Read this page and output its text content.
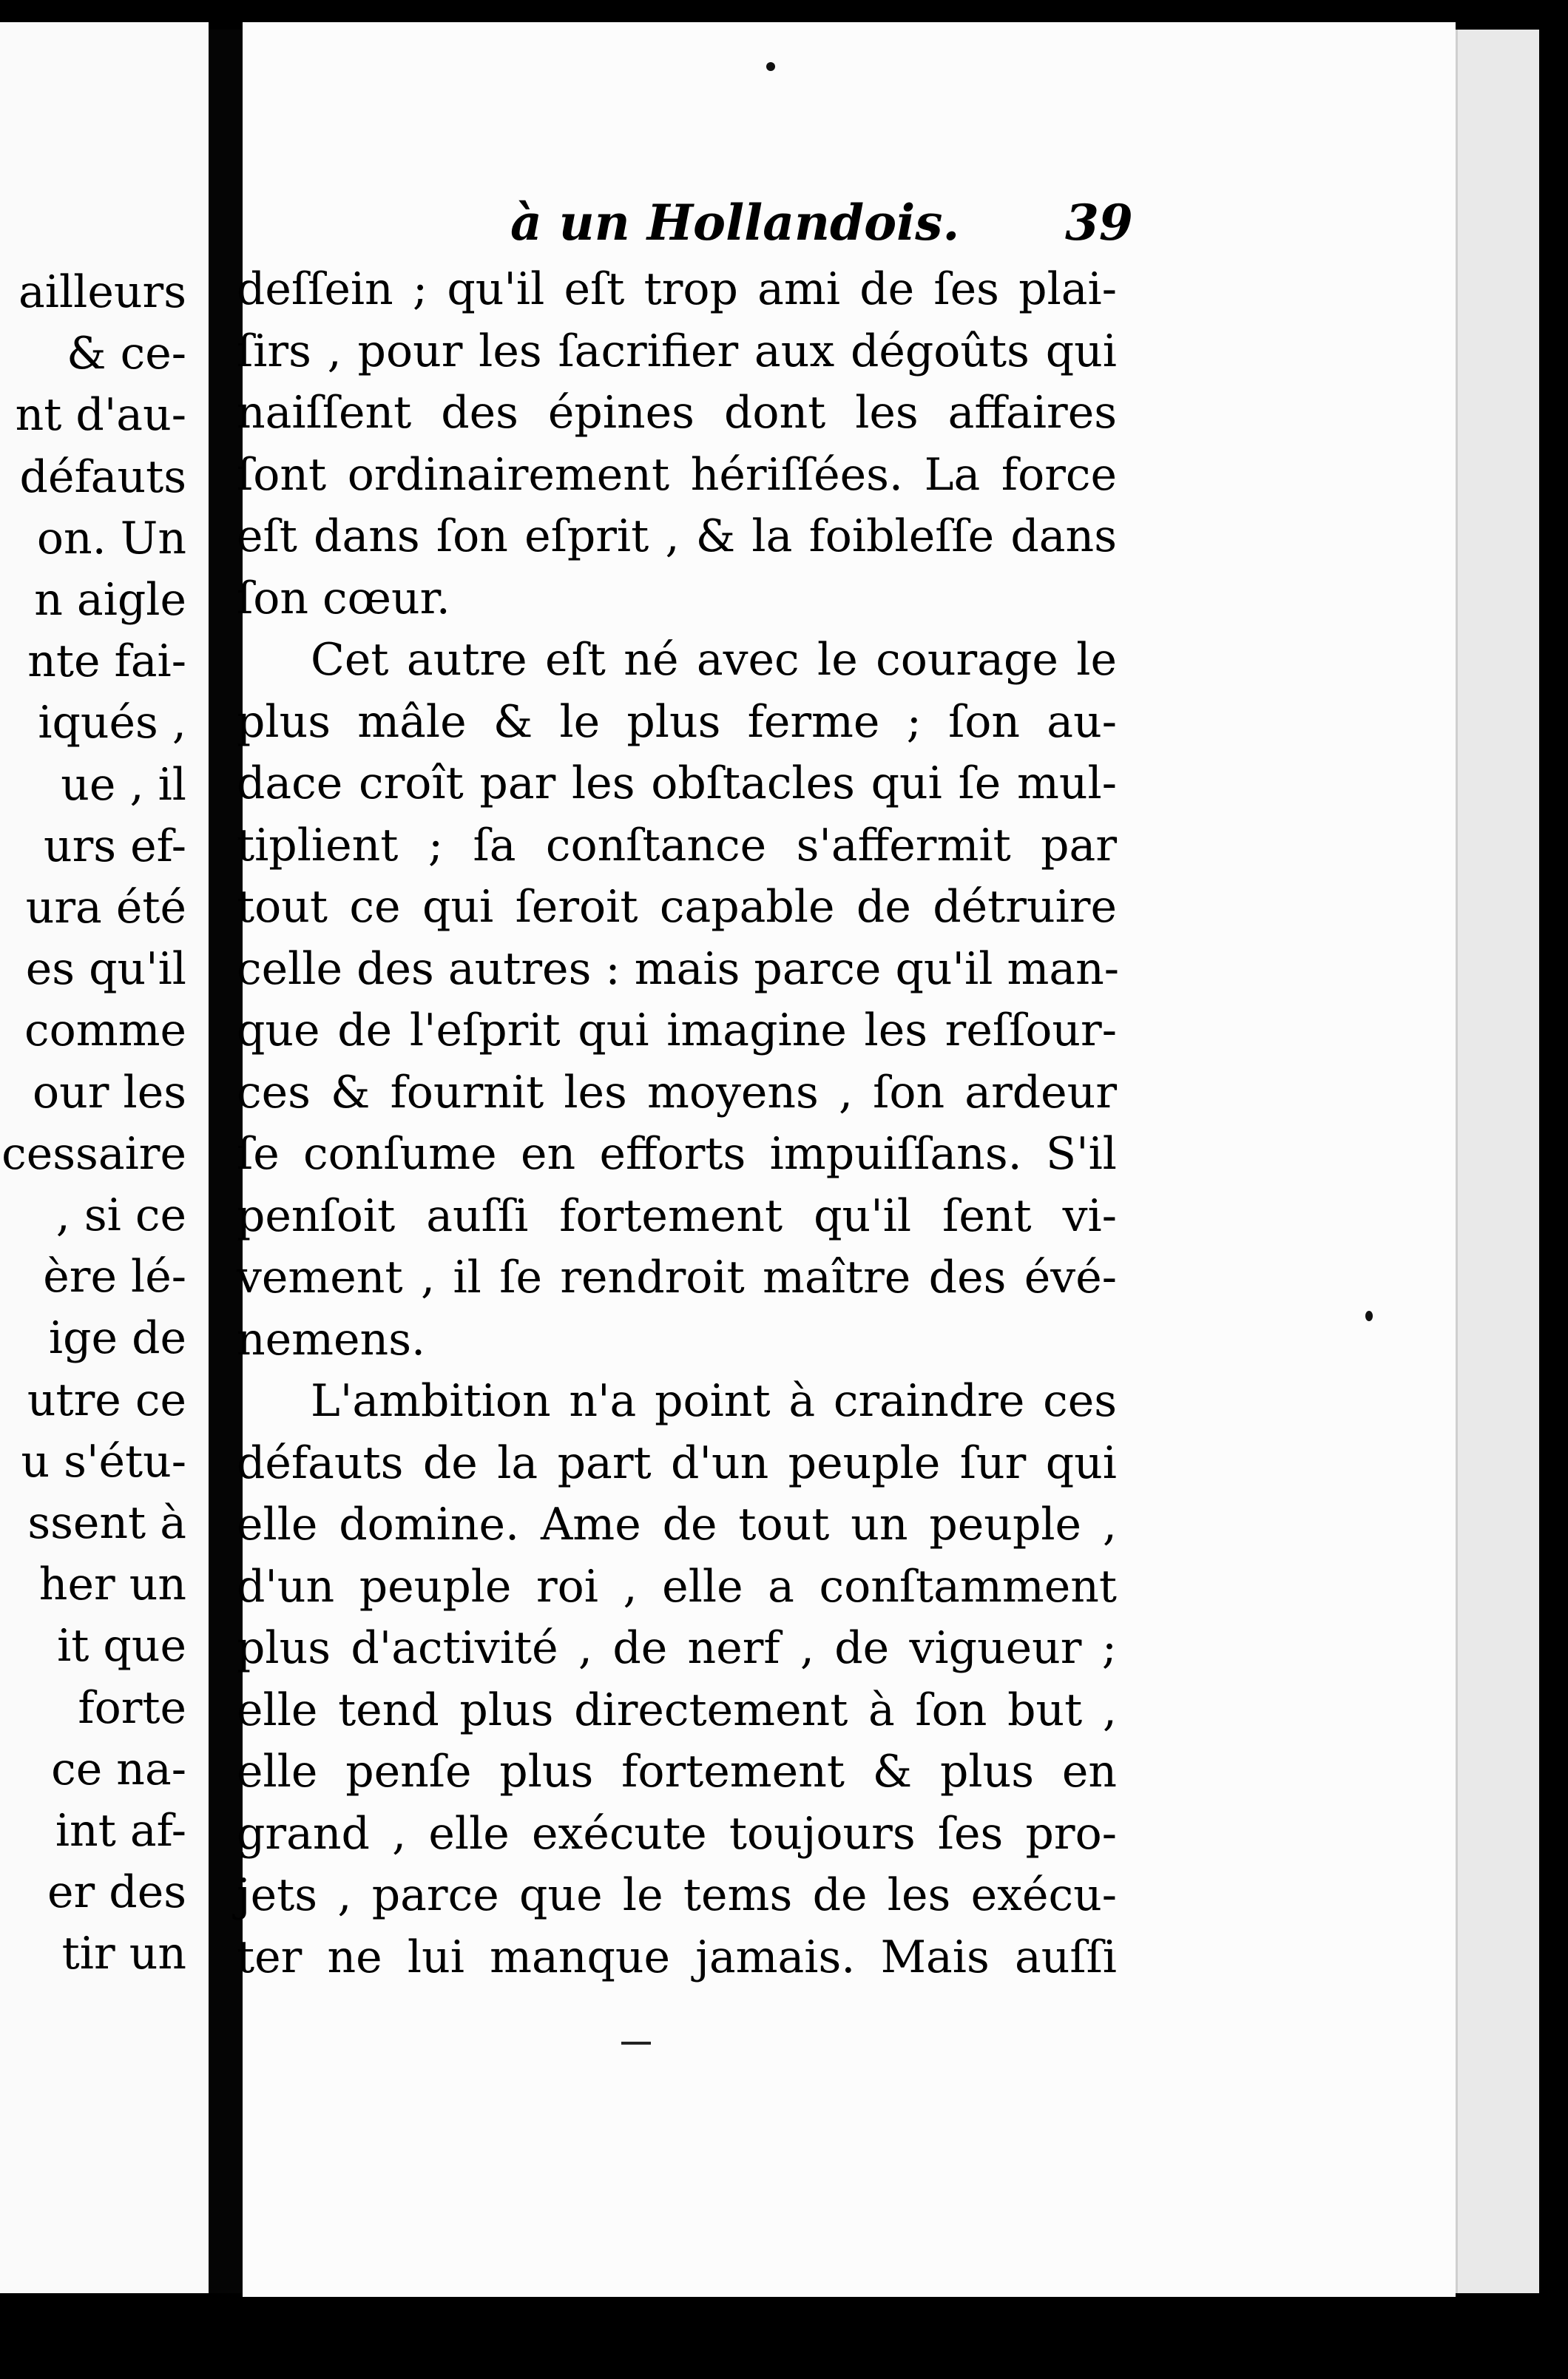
ailleurs
& ce-
nt d'au-
défauts
on. Un
n aigle
nte fai-
iqués ,
ue , il
urs ef-
ura été
es qu'il
comme
our les
cessaire
, si ce
ère lé-
ige de
utre ce
u s'étu-
ssent à
her un
it que
forte
ce na-
int af-
er des
tir un
à un Hollandois. 39
deſſein ; qu'il eſt trop ami de ſes plai-
ſirs , pour les ſacrifier aux dégoûts qui
naiſſent des épines dont les affaires
ſont ordinairement hériſſées. La force
eſt dans ſon eſprit , & la foibleſſe dans
ſon cœur.
Cet autre eſt né avec le courage le
plus mâle & le plus ferme ; ſon au-
dace croît par les obſtacles qui ſe mul-
tiplient ; ſa conſtance s'affermit par
tout ce qui ſeroit capable de détruire
celle des autres : mais parce qu'il man-
que de l'eſprit qui imagine les reſſour-
ces & fournit les moyens , ſon ardeur
ſe conſume en efforts impuiſſans. S'il
penſoit auſſi fortement qu'il ſent vi-
vement , il ſe rendroit maître des évé-
nemens.
L'ambition n'a point à craindre ces
défauts de la part d'un peuple ſur qui
elle domine. Ame de tout un peuple ,
d'un peuple roi , elle a conſtamment
plus d'activité , de nerf , de vigueur ;
elle tend plus directement à ſon but ,
elle penſe plus fortement & plus en
grand , elle exécute toujours ſes pro-
jets , parce que le tems de les exécu-
ter ne lui manque jamais. Mais auſſi
